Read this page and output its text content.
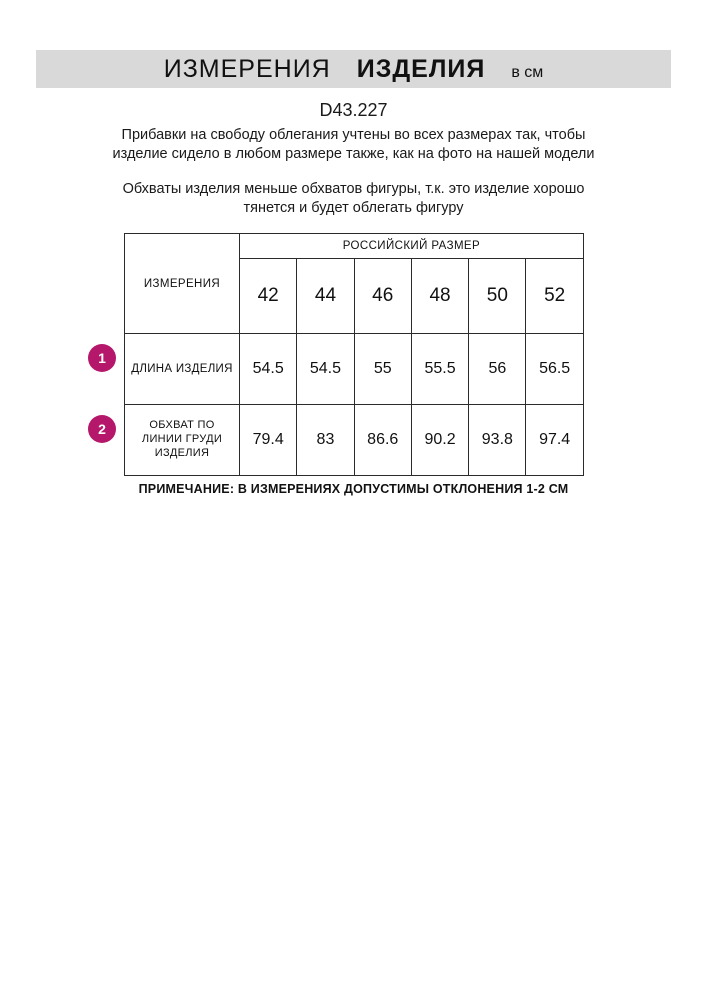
ИЗМЕРЕНИЯ ИЗДЕЛИЯ в см
D43.227
Прибавки на свободу облегания учтены во всех размерах так, чтобы изделие сидело в любом размере также, как на фото на нашей модели
Обхваты изделия меньше обхватов фигуры, т.к. это изделие хорошо тянется и будет облегать фигуру
1
2
ИЗМЕРЕНИЯ	РОССИЙСКИЙ РАЗМЕР					
	42	44	46	48	50	52
ДЛИНА ИЗДЕЛИЯ	54.5	54.5	55	55.5	56	56.5
ОБХВАТ ПО ЛИНИИ ГРУДИ ИЗДЕЛИЯ	79.4	83	86.6	90.2	93.8	97.4
ПРИМЕЧАНИЕ: В ИЗМЕРЕНИЯХ ДОПУСТИМЫ ОТКЛОНЕНИЯ 1-2 СМ
